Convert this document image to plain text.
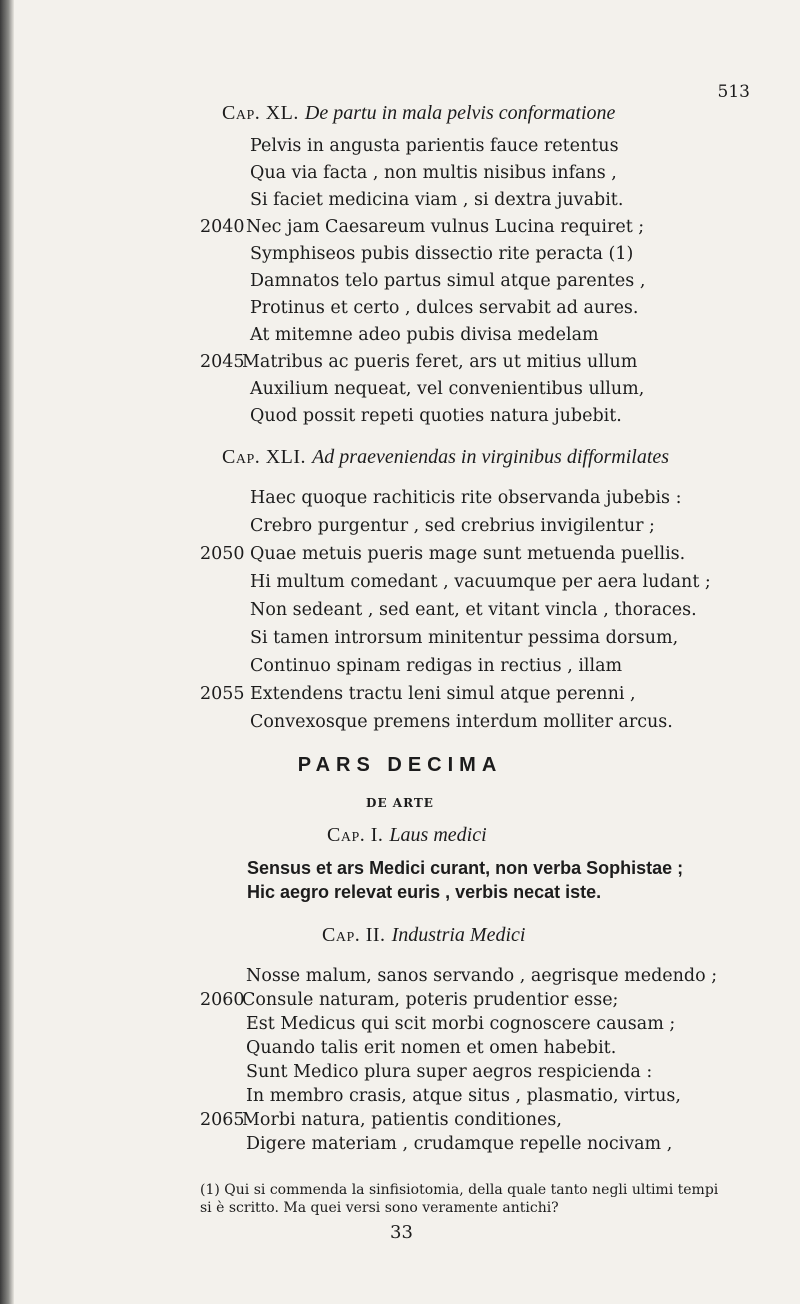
513
Cap. XL. De partu in mala pelvis conformatione
Pelvis in angusta parientis fauce retentus
Qua via facta , non multis nisibus infans ,
Si faciet medicina viam , si dextra juvabit.
2040 Nec jam Caesareum vulnus Lucina requiret ;
Symphiseos pubis dissectio rite peracta (1)
Damnatos telo partus simul atque parentes ,
Protinus et certo , dulces servabit ad aures.
At mitemne adeo pubis divisa medelam
2045
Matribus ac pueris feret, ars ut mitius ullum
Auxilium nequeat, vel convenientibus ullum,
Quod possit repeti quoties natura jubebit.
Cap. XLI. Ad praeveniendas in virginibus difformilates
Haec quoque rachiticis rite observanda jubebis :
Crebro purgentur , sed crebrius invigilentur ;
2050 Quae metuis pueris mage sunt metuenda puellis.
Hi multum comedant , vacuumque per aera ludant ;
Non sedeant , sed eant, et vitant vincla , thoraces.
Si tamen introrsum minitentur pessima dorsum,
Continuo spinam redigas in rectius , illam
2055 Extendens tractu leni simul atque perenni ,
Convexosque premens interdum molliter arcus.
PARS DECIMA
DE ARTE
Cap. I. Laus medici
Sensus et ars Medici curant, non verba Sophistae ;
Hic aegro relevat euris , verbis necat iste.
Cap. II. Industria Medici
Nosse malum, sanos servando , aegrisque medendo ;
2060
Consule naturam, poteris prudentior esse;
Est Medicus qui scit morbi cognoscere causam ;
Quando talis erit nomen et omen habebit.
Sunt Medico plura super aegros respicienda :
In membro crasis, atque situs , plasmatio, virtus,
2065
Morbi natura, patientis conditiones,
Digere materiam , crudamque repelle nocivam ,
(1) Qui si commenda la sinfisiotomia, della quale tanto negli ultimi tempi
si è scritto. Ma quei versi sono veramente antichi?
33
